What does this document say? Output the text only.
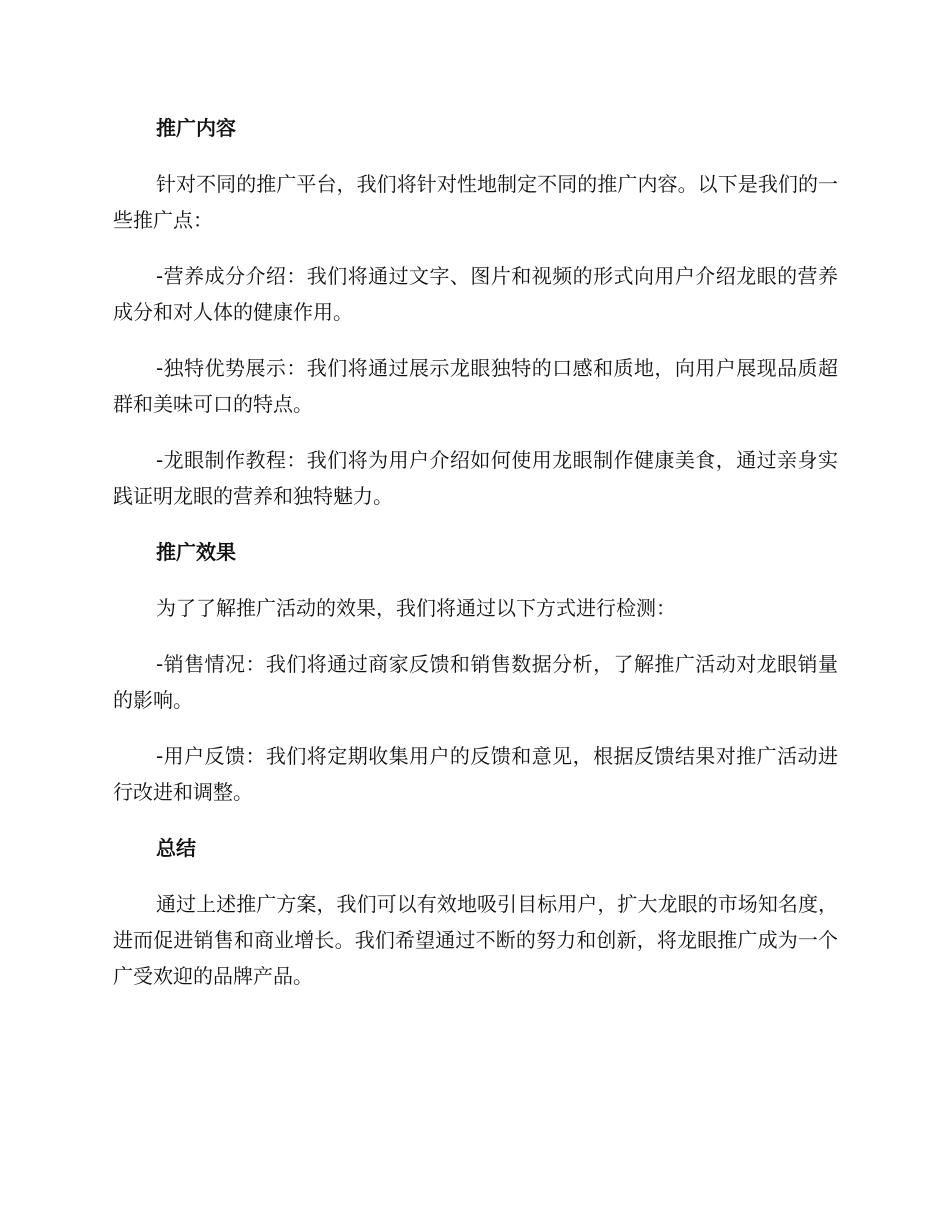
推广内容

针对不同的推广平台，我们将针对性地制定不同的推广内容。以下是我们的一些推广点：

-营养成分介绍：我们将通过文字、图片和视频的形式向用户介绍龙眼的营养成分和对人体的健康作用。

-独特优势展示：我们将通过展示龙眼独特的口感和质地，向用户展现品质超群和美味可口的特点。

-龙眼制作教程：我们将为用户介绍如何使用龙眼制作健康美食，通过亲身实践证明龙眼的营养和独特魅力。

推广效果

为了了解推广活动的效果，我们将通过以下方式进行检测：

-销售情况：我们将通过商家反馈和销售数据分析，了解推广活动对龙眼销量的影响。

-用户反馈：我们将定期收集用户的反馈和意见，根据反馈结果对推广活动进行改进和调整。

总结

通过上述推广方案，我们可以有效地吸引目标用户，扩大龙眼的市场知名度，进而促进销售和商业增长。我们希望通过不断的努力和创新，将龙眼推广成为一个广受欢迎的品牌产品。
